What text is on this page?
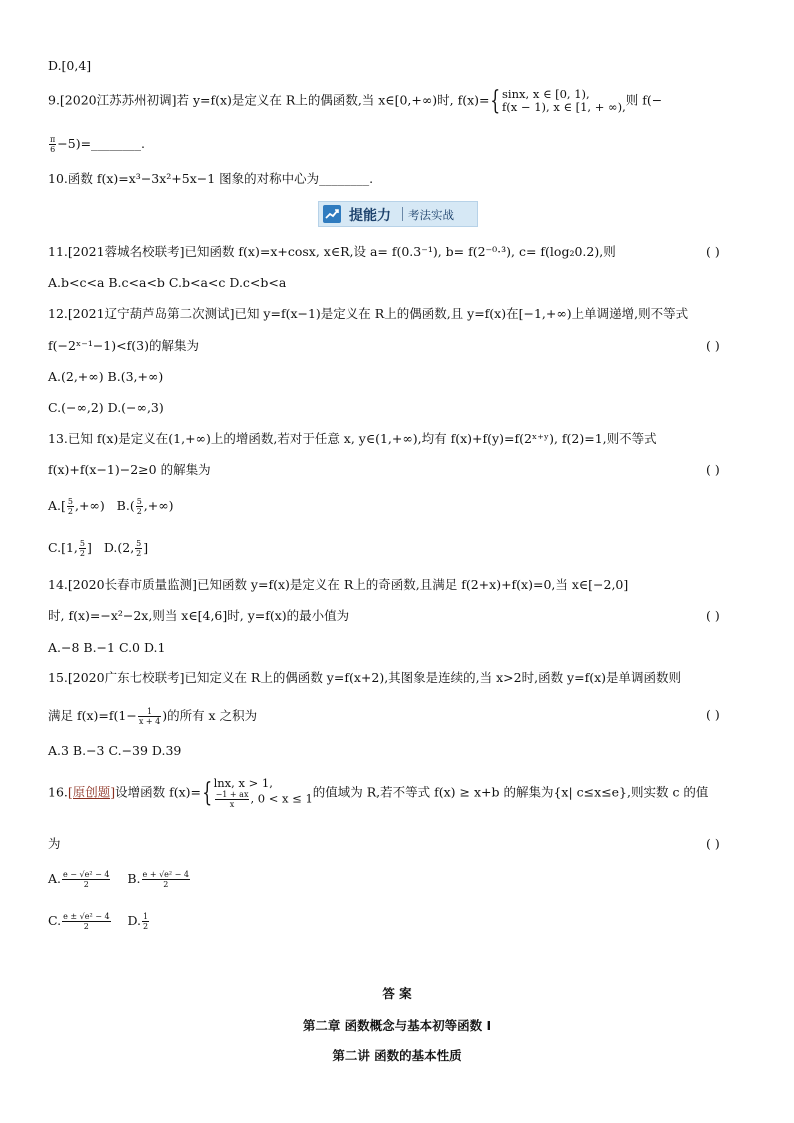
D.[0,4]
9.[2020江苏苏州初调]若 y=f(x)是定义在 R上的偶函数,当 x∈[0,+∞)时, f(x)={ sinx, x ∈ [0, 1),
f(x − 1), x ∈ [1, + ∞), 则 f(−
$\frac{\pi}{6}$ −5)=________.
10.函数 f(x)=x³−3x²+5x−1 图象的对称中心为________.
提能力 考法实战
11.[2021蓉城名校联考]已知函数 f(x)=x+cosx, x∈R,设 a= f(0.3⁻¹), b= f(2⁻⁰·³), c= f(log₂0.2),则	( )
A.b<c<a B.c<a<b C.b<a<c D.c<b<a
12.[2021辽宁葫芦岛第二次测试]已知 y=f(x−1)是定义在 R上的偶函数,且 y=f(x)在[−1,+∞)上单调递增,则不等式
f(−2ˣ⁻¹−1)<f(3)的解集为	( )
A.(2,+∞) B.(3,+∞)
C.(−∞,2) D.(−∞,3)
13.已知 f(x)是定义在(1,+∞)上的增函数,若对于任意 x, y∈(1,+∞),均有 f(x)+f(y)=f(2ˣ⁺ʸ), f(2)=1,则不等式
f(x)+f(x−1)−2≥0 的解集为	( )
$A.[ \frac{5}{2}$ ,+∞) $B.( \frac{5}{2}$ ,+∞)
C.[1, $\frac{5}{2}$ ] D.(2, $\frac{5}{2}$ ]
14.[2020长春市质量监测]已知函数 y=f(x)是定义在 R上的奇函数,且满足 f(2+x)+f(x)=0,当 x∈[−2,0]
时, f(x)=−x²−2x,则当 x∈[4,6]时, y=f(x)的最小值为	( )
A.−8 B.−1 C.0 D.1
15.[2020广东七校联考]已知定义在 R上的偶函数 y=f(x+2),其图象是连续的,当 x>2时,函数 y=f(x)是单调函数则
满足 $f(x)=f(1- \frac{1}{x + 4}$ )的所有 x 之积为	( )
A.3 B.−3 C.−39 D.39
16.[原创题]设增函数 f(x)={ lnx, x > 1,
$\frac{-1 + ax}{x}$ , 0 < x ≤ 1 的值域为 R,若不等式 f(x) ≥ x+b 的解集为{x| c≤x≤e},则实数 c 的值
为	( )
A. $\frac{\text{e − √e² − 4}}{2} B$. $\frac{\text{e + √e² − 4}}{2}$
C. $\frac{\text{e ± √e² − 4}}{2} D$. $\frac{1}{2}$
答 案
第二章 函数概念与基本初等函数 Ⅰ
第二讲 函数的基本性质
